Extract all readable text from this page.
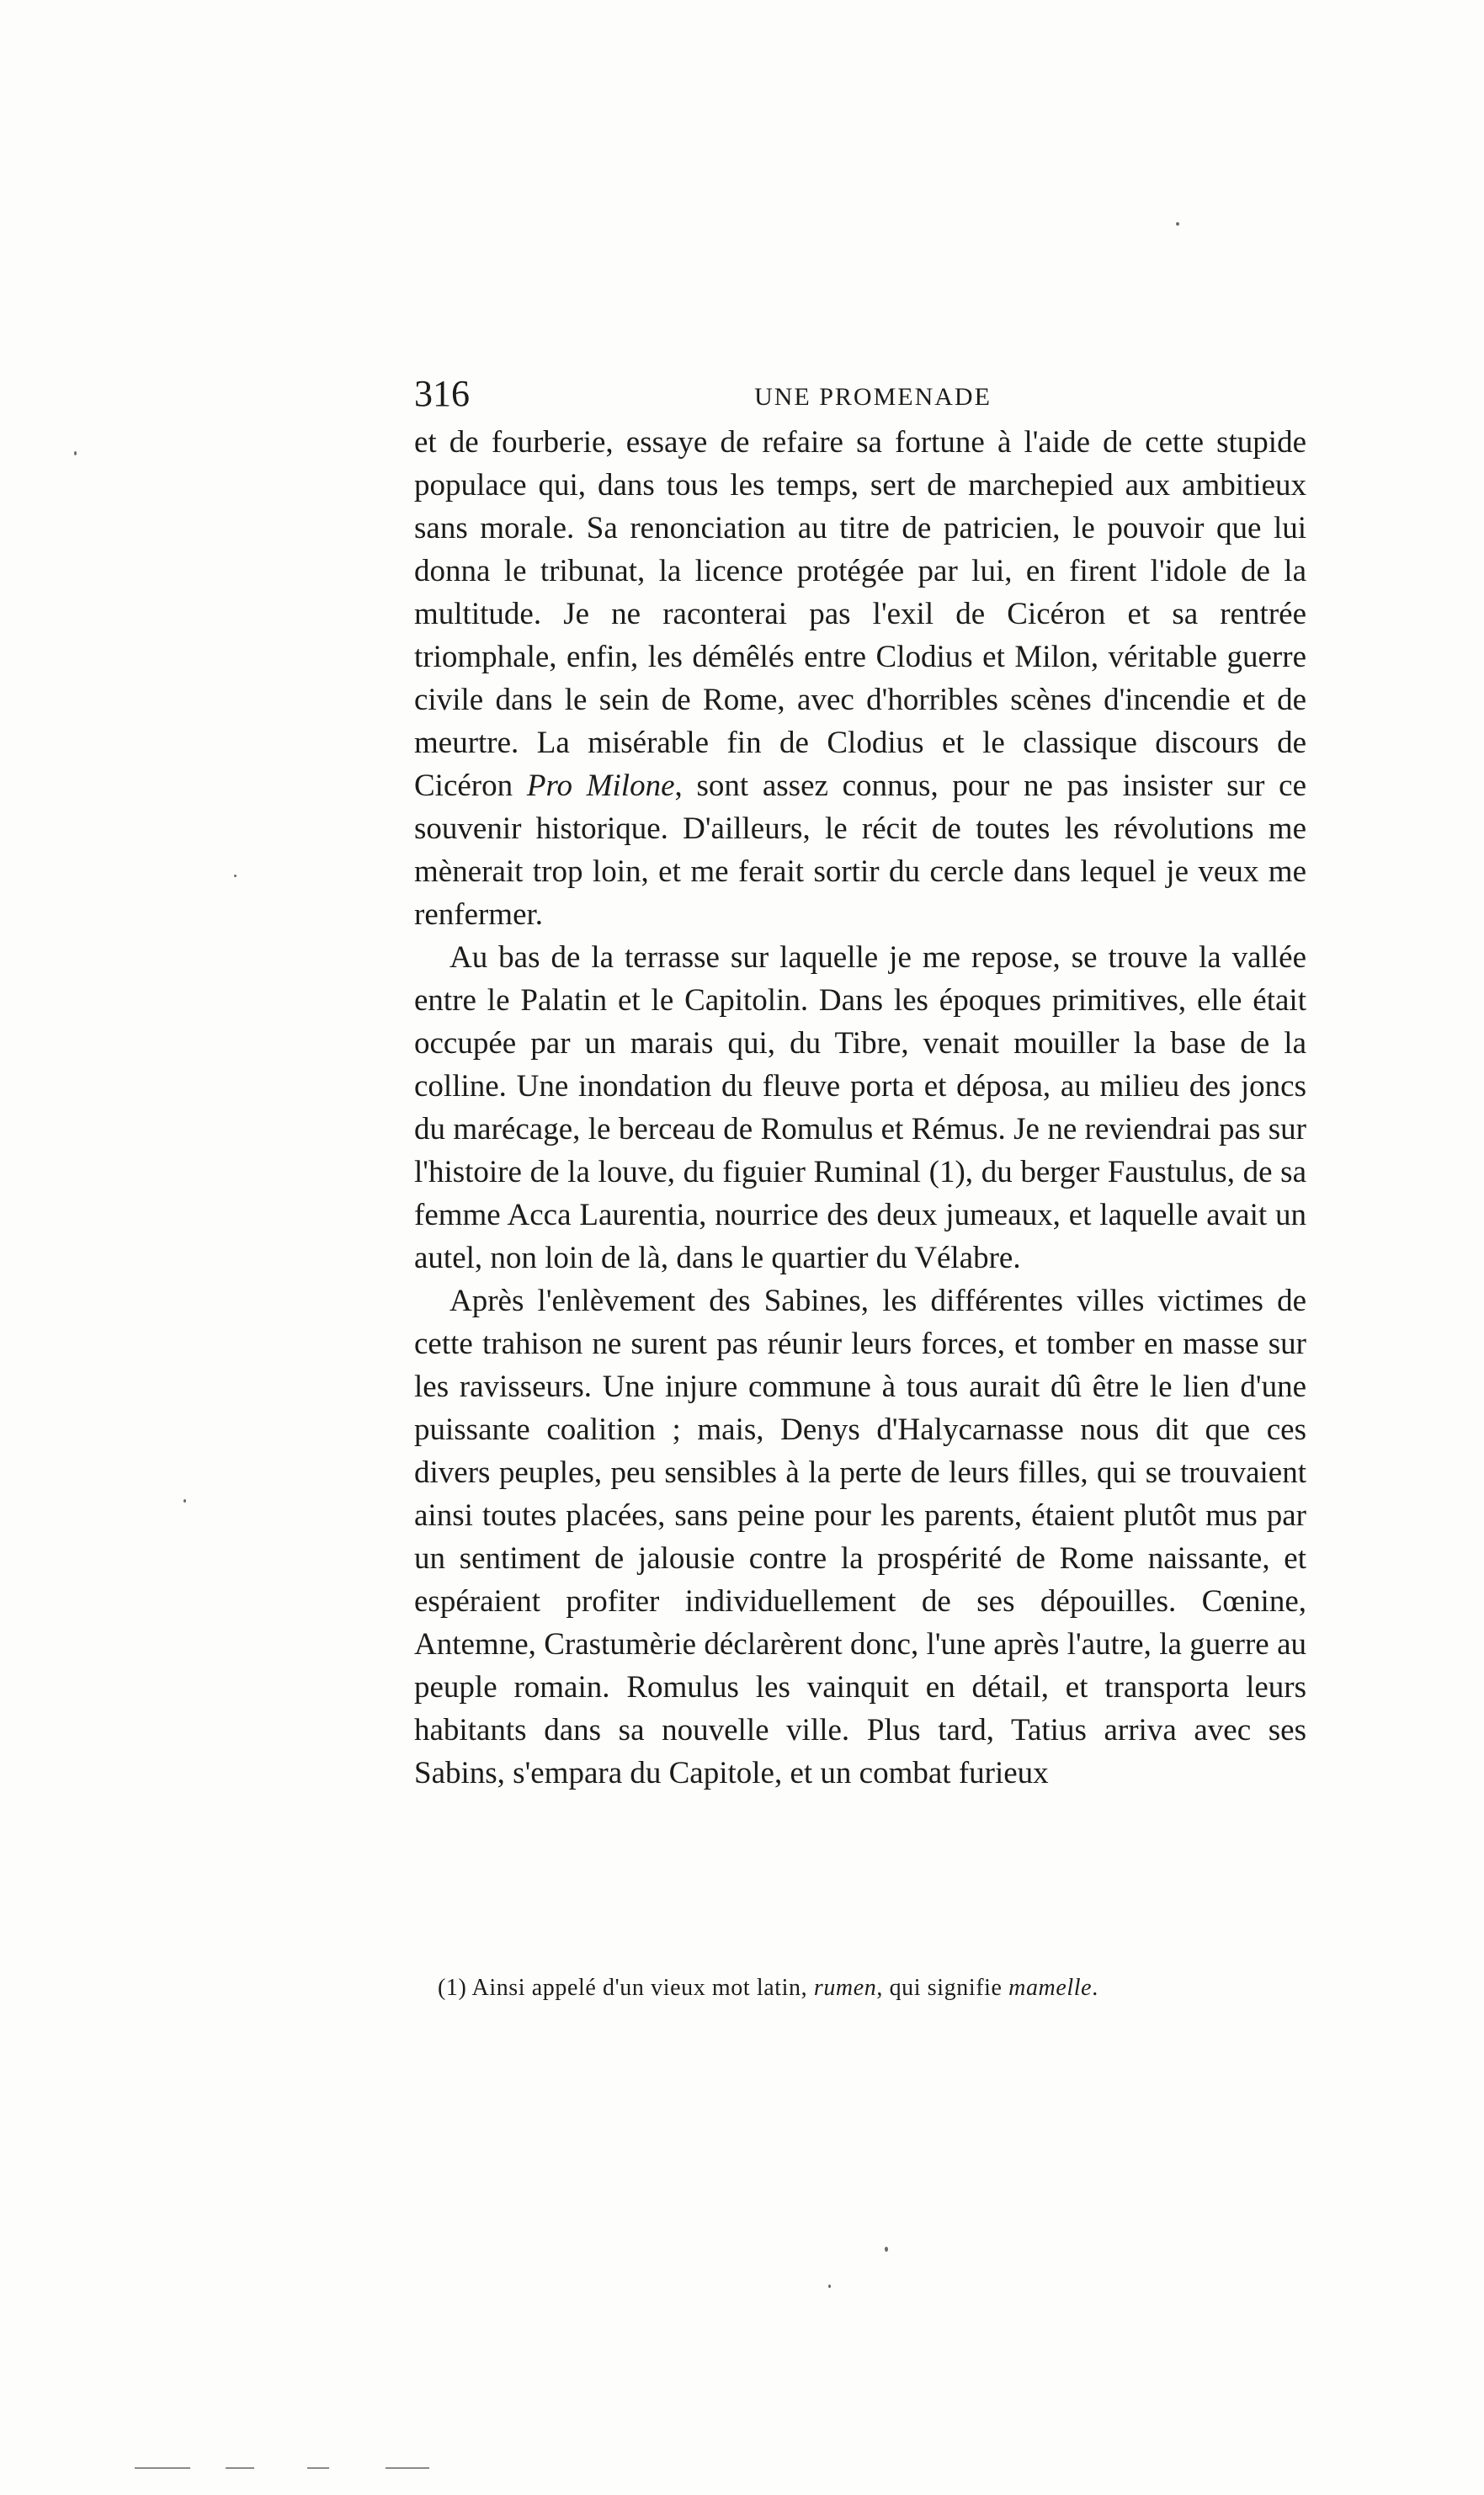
316	UNE PROMENADE

et de fourberie, essaye de refaire sa fortune à l'aide de cette stupide populace qui, dans tous les temps, sert de marchepied aux ambitieux sans morale. Sa renonciation au titre de patricien, le pouvoir que lui donna le tribunat, la licence protégée par lui, en firent l'idole de la multitude. Je ne raconterai pas l'exil de Cicéron et sa rentrée triomphale, enfin, les démêlés entre Clodius et Milon, véritable guerre civile dans le sein de Rome, avec d'horribles scènes d'incendie et de meurtre. La misérable fin de Clodius et le classique discours de Cicéron Pro Milone, sont assez connus, pour ne pas insister sur ce souvenir historique. D'ailleurs, le récit de toutes les révolutions me mènerait trop loin, et me ferait sortir du cercle dans lequel je veux me renfermer.

Au bas de la terrasse sur laquelle je me repose, se trouve la vallée entre le Palatin et le Capitolin. Dans les époques primitives, elle était occupée par un marais qui, du Tibre, venait mouiller la base de la colline. Une inondation du fleuve porta et déposa, au milieu des joncs du marécage, le berceau de Romulus et Rémus. Je ne reviendrai pas sur l'histoire de la louve, du figuier Ruminal (1), du berger Faustulus, de sa femme Acca Laurentia, nourrice des deux jumeaux, et laquelle avait un autel, non loin de là, dans le quartier du Vélabre.

Après l'enlèvement des Sabines, les différentes villes victimes de cette trahison ne surent pas réunir leurs forces, et tomber en masse sur les ravisseurs. Une injure commune à tous aurait dû être le lien d'une puissante coalition ; mais, Denys d'Halycarnasse nous dit que ces divers peuples, peu sensibles à la perte de leurs filles, qui se trouvaient ainsi toutes placées, sans peine pour les parents, étaient plutôt mus par un sentiment de jalousie contre la prospérité de Rome naissante, et espéraient profiter individuellement de ses dépouilles. Cœnine, Antemne, Crastumèrie déclarèrent donc, l'une après l'autre, la guerre au peuple romain. Romulus les vainquit en détail, et transporta leurs habitants dans sa nouvelle ville. Plus tard, Tatius arriva avec ses Sabins, s'empara du Capitole, et un combat furieux

(1) Ainsi appelé d'un vieux mot latin, rumen, qui signifie mamelle.
